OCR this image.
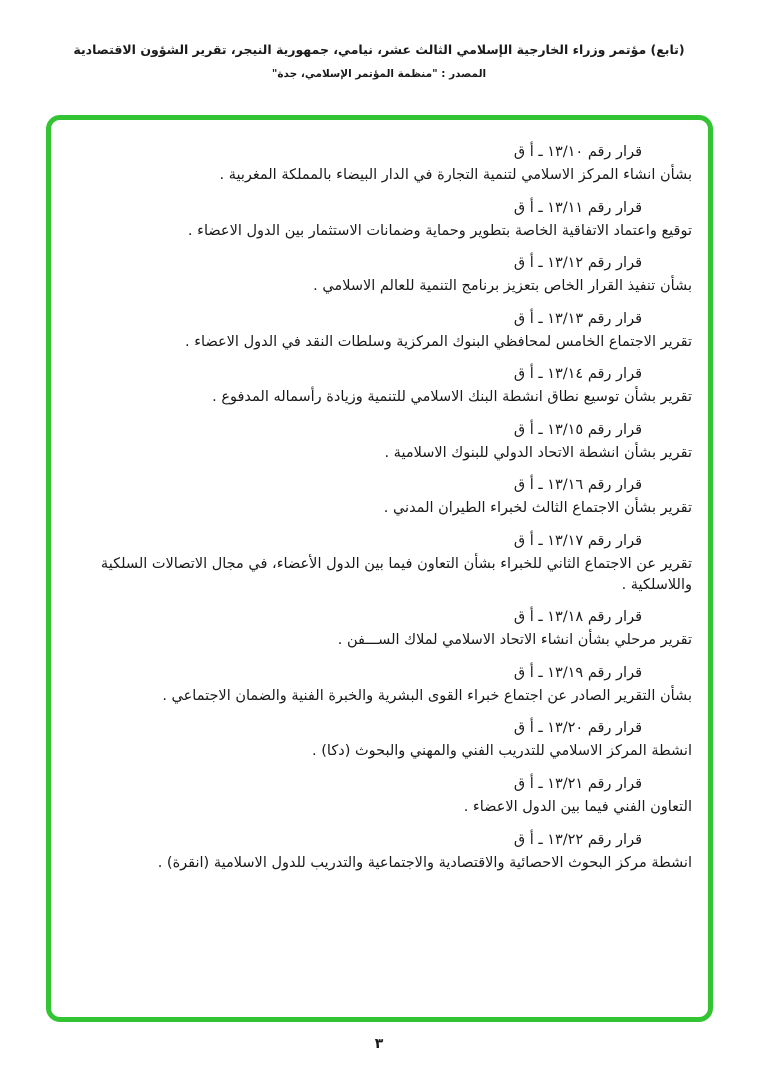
(تابع) مؤتمر وزراء الخارجية الإسلامي الثالث عشر، نيامي، جمهورية النيجر، تقرير الشؤون الاقتصادية
المصدر : "منظمة المؤتمر الإسلامي، جدة"
قرار رقم ١٣/١٠ ـ أ ق
بشأن انشاء المركز الاسلامي لتنمية التجارة في الدار البيضاء بالمملكة المغربية .
قرار رقم ١٣/١١ ـ أ ق
توقيع واعتماد الاتفاقية الخاصة بتطوير وحماية وضمانات الاستثمار بين الدول الاعضاء .
قرار رقم ١٣/١٢ ـ أ ق
بشأن تنفيذ القرار الخاص بتعزيز برنامج التنمية للعالم الاسلامي .
قرار رقم ١٣/١٣ ـ أ ق
تقرير الاجتماع الخامس لمحافظي البنوك المركزية وسلطات النقد في الدول الاعضاء .
قرار رقم ١٣/١٤ ـ أ ق
تقرير بشأن توسيع نطاق انشطة البنك الاسلامي للتنمية وزيادة رأسماله المدفوع .
قرار رقم ١٣/١٥ ـ أ ق
تقرير بشأن انشطة الاتحاد الدولي للبنوك الاسلامية .
قرار رقم ١٣/١٦ ـ أ ق
تقرير بشأن الاجتماع الثالث لخبراء الطيران المدني .
قرار رقم ١٣/١٧ ـ أ ق
تقرير عن الاجتماع الثاني للخبراء بشأن التعاون فيما بين الدول الأعضاء، في مجال الاتصالات السلكية واللاسلكية .
قرار رقم ١٣/١٨ ـ أ ق
تقرير مرحلي بشأن انشاء الاتحاد الاسلامي لملاك الســـفن .
قرار رقم ١٣/١٩ ـ أ ق
بشأن التقرير الصادر عن اجتماع خبراء القوى البشرية والخبرة الفنية والضمان الاجتماعي .
قرار رقم ١٣/٢٠ ـ أ ق
انشطة المركز الاسلامي للتدريب الفني والمهني والبحوث (دكا) .
قرار رقم ١٣/٢١ ـ أ ق
التعاون الفني فيما بين الدول الاعضاء .
قرار رقم ١٣/٢٢ ـ أ ق
انشطة مركز البحوث الاحصائية والاقتصادية والاجتماعية والتدريب للدول الاسلامية (انقرة) .
٣
